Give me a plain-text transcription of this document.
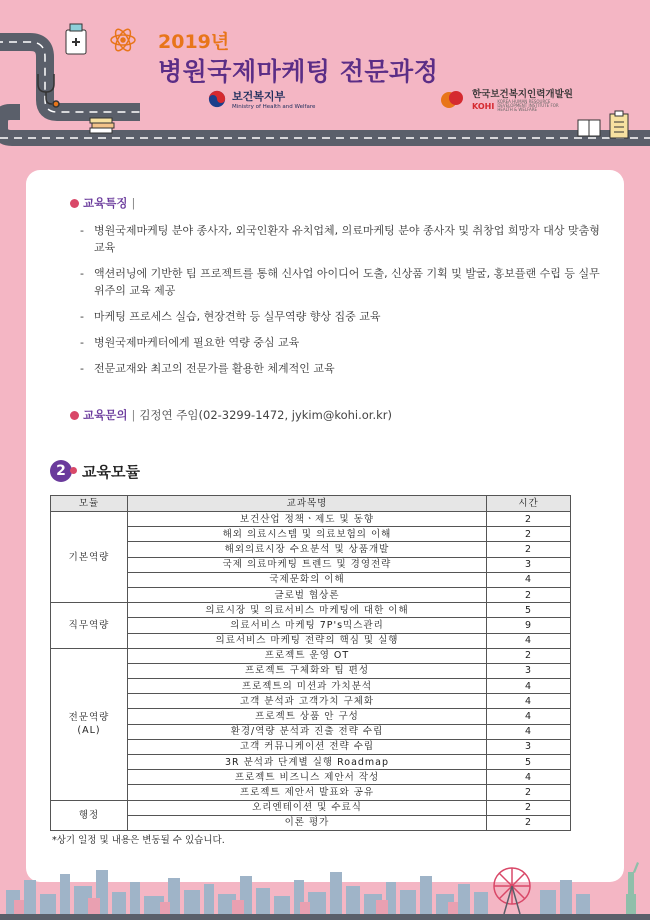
2019년
병원국제마케팅 전문과정
보건복지부
Ministry of Health and Welfare
한국보건복지인력개발원
KOHI KOREA HUMAN RESOURCE DEVELOPMENT INSTITUTE FOR HEALTH & WELFARE
교육특징 |
- 병원국제마케팅 분야 종사자, 외국인환자 유치업체, 의료마케팅 분야 종사자 및 취창업 희망자 대상 맞춤형 교육
- 액션러닝에 기반한 팀 프로젝트를 통해 신사업 아이디어 도출, 신상품 기획 및 발굴, 홍보플랜 수립 등 실무 위주의 교육 제공
- 마케팅 프로세스 실습, 현장견학 등 실무역량 향상 집중 교육
- 병원국제마케터에게 필요한 역량 중심 교육
- 전문교재와 최고의 전문가를 활용한 체계적인 교육
교육문의 | 김정연 주임(02-3299-1472, jykim@kohi.or.kr)
2	교육모듈
모듈	교과목명	시간
기본역량	보건산업 정책ㆍ제도 및 동향	2
	해외 의료시스템 및 의료보험의 이해	2
	해외의료시장 수요분석 및 상품개발	2
	국제 의료마케팅 트렌드 및 경영전략	3
	국제문화의 이해	4
	글로벌 협상론	2
직무역량	의료시장 및 의료서비스 마케팅에 대한 이해	5
	의료서비스 마케팅 7P's믹스관리	9
	의료서비스 마케팅 전략의 핵심 및 실행	4

전문역량
(AL)	프로젝트 운영 OT	2
	프로젝트 구체화와 팀 편성	3
	프로젝트의 미션과 가치분석	4
	고객 분석과 고객가치 구체화	4
	프로젝트 상품 안 구성	4
	환경/역량 분석과 진출 전략 수립	4
	고객 커뮤니케이션 전략 수립	3
	3R 분석과 단계별 실행 Roadmap	5
	프로젝트 비즈니스 제안서 작성	4
	프로젝트 제안서 발표와 공유	2
행정	오리엔테이션 및 수료식	2
	이론 평가	2
*상기 일정 및 내용은 변동될 수 있습니다.
